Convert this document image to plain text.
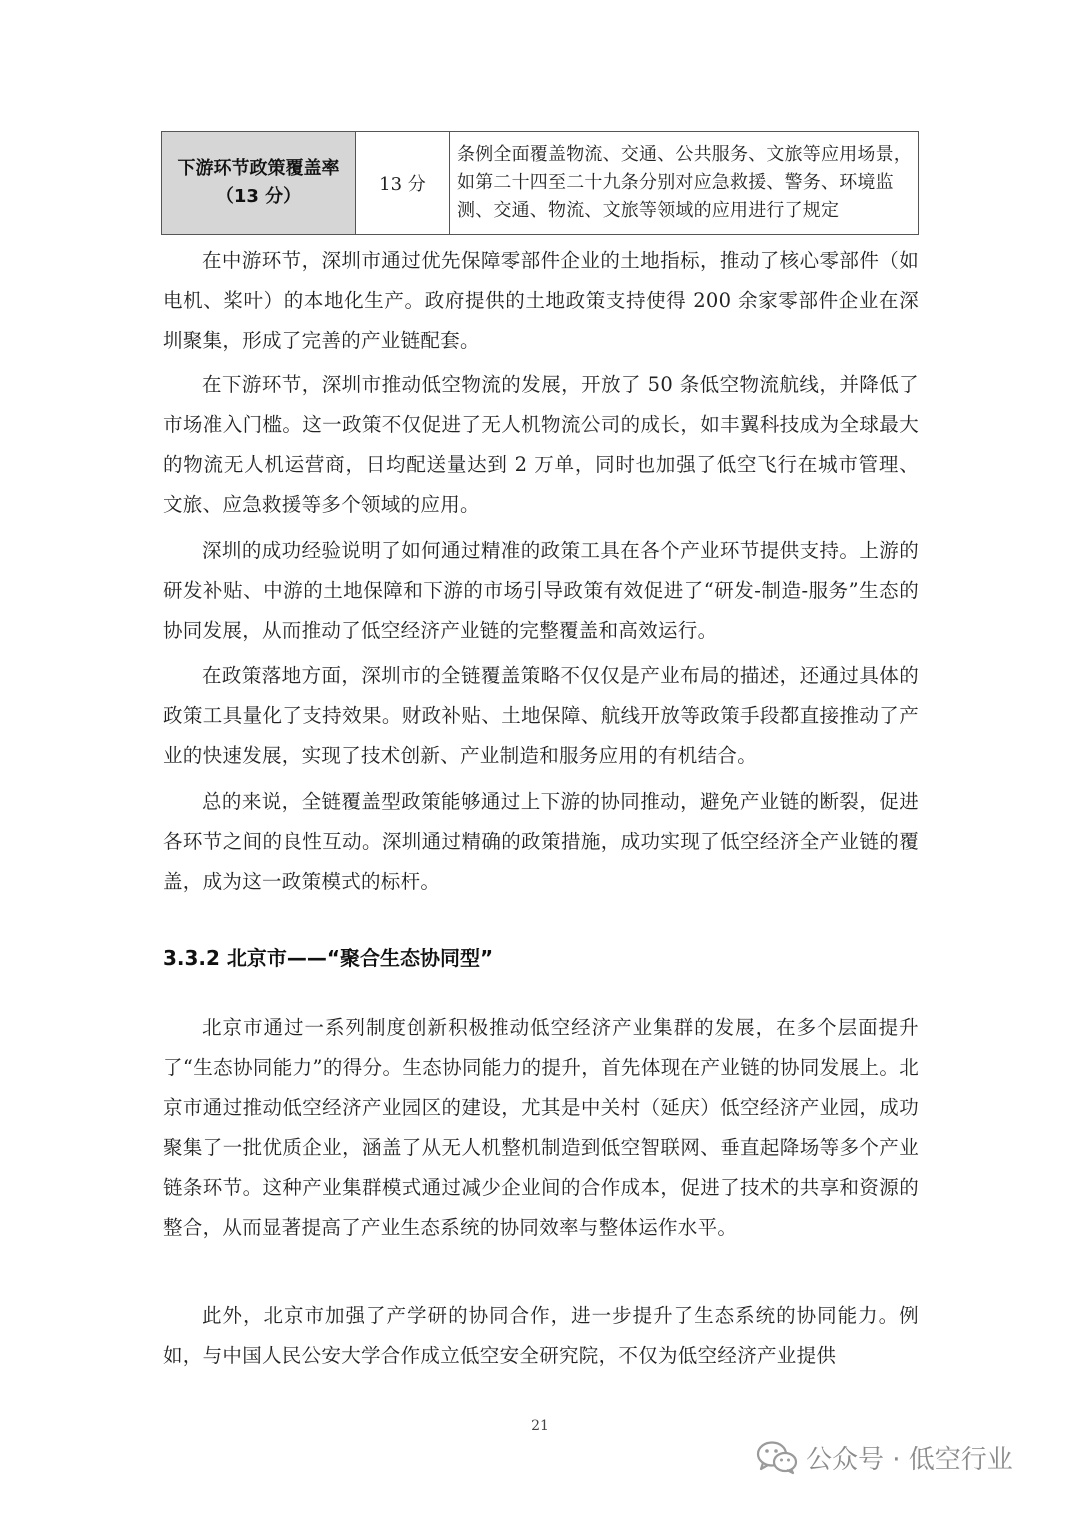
下游环节政策覆盖率
（13 分）
	13 分	条例全面覆盖物流、交通、公共服务、文旅等应用场景，如第二十四至二十九条分别对应急救援、警务、环境监测、交通、物流、文旅等领域的应用进行了规定

在中游环节，深圳市通过优先保障零部件企业的土地指标，推动了核心零部件（如电机、桨叶）的本地化生产。政府提供的土地政策支持使得 200 余家零部件企业在深圳聚集，形成了完善的产业链配套。

在下游环节，深圳市推动低空物流的发展，开放了 50 条低空物流航线，并降低了市场准入门槛。这一政策不仅促进了无人机物流公司的成长，如丰翼科技成为全球最大的物流无人机运营商，日均配送量达到 2 万单，同时也加强了低空飞行在城市管理、文旅、应急救援等多个领域的应用。

深圳的成功经验说明了如何通过精准的政策工具在各个产业环节提供支持。上游的研发补贴、中游的土地保障和下游的市场引导政策有效促进了“研发-制造-服务”生态的协同发展，从而推动了低空经济产业链的完整覆盖和高效运行。

在政策落地方面，深圳市的全链覆盖策略不仅仅是产业布局的描述，还通过具体的政策工具量化了支持效果。财政补贴、土地保障、航线开放等政策手段都直接推动了产业的快速发展，实现了技术创新、产业制造和服务应用的有机结合。

总的来说，全链覆盖型政策能够通过上下游的协同推动，避免产业链的断裂，促进各环节之间的良性互动。深圳通过精确的政策措施，成功实现了低空经济全产业链的覆盖，成为这一政策模式的标杆。

3.3.2 北京市——“聚合生态协同型”

北京市通过一系列制度创新积极推动低空经济产业集群的发展，在多个层面提升了“生态协同能力”的得分。生态协同能力的提升，首先体现在产业链的协同发展上。北京市通过推动低空经济产业园区的建设，尤其是中关村（延庆）低空经济产业园，成功聚集了一批优质企业，涵盖了从无人机整机制造到低空智联网、垂直起降场等多个产业链条环节。这种产业集群模式通过减少企业间的合作成本，促进了技术的共享和资源的整合，从而显著提高了产业生态系统的协同效率与整体运作水平。

此外，北京市加强了产学研的协同合作，进一步提升了生态系统的协同能力。例如，与中国人民公安大学合作成立低空安全研究院，不仅为低空经济产业提供

21
公众号 · 低空行业
